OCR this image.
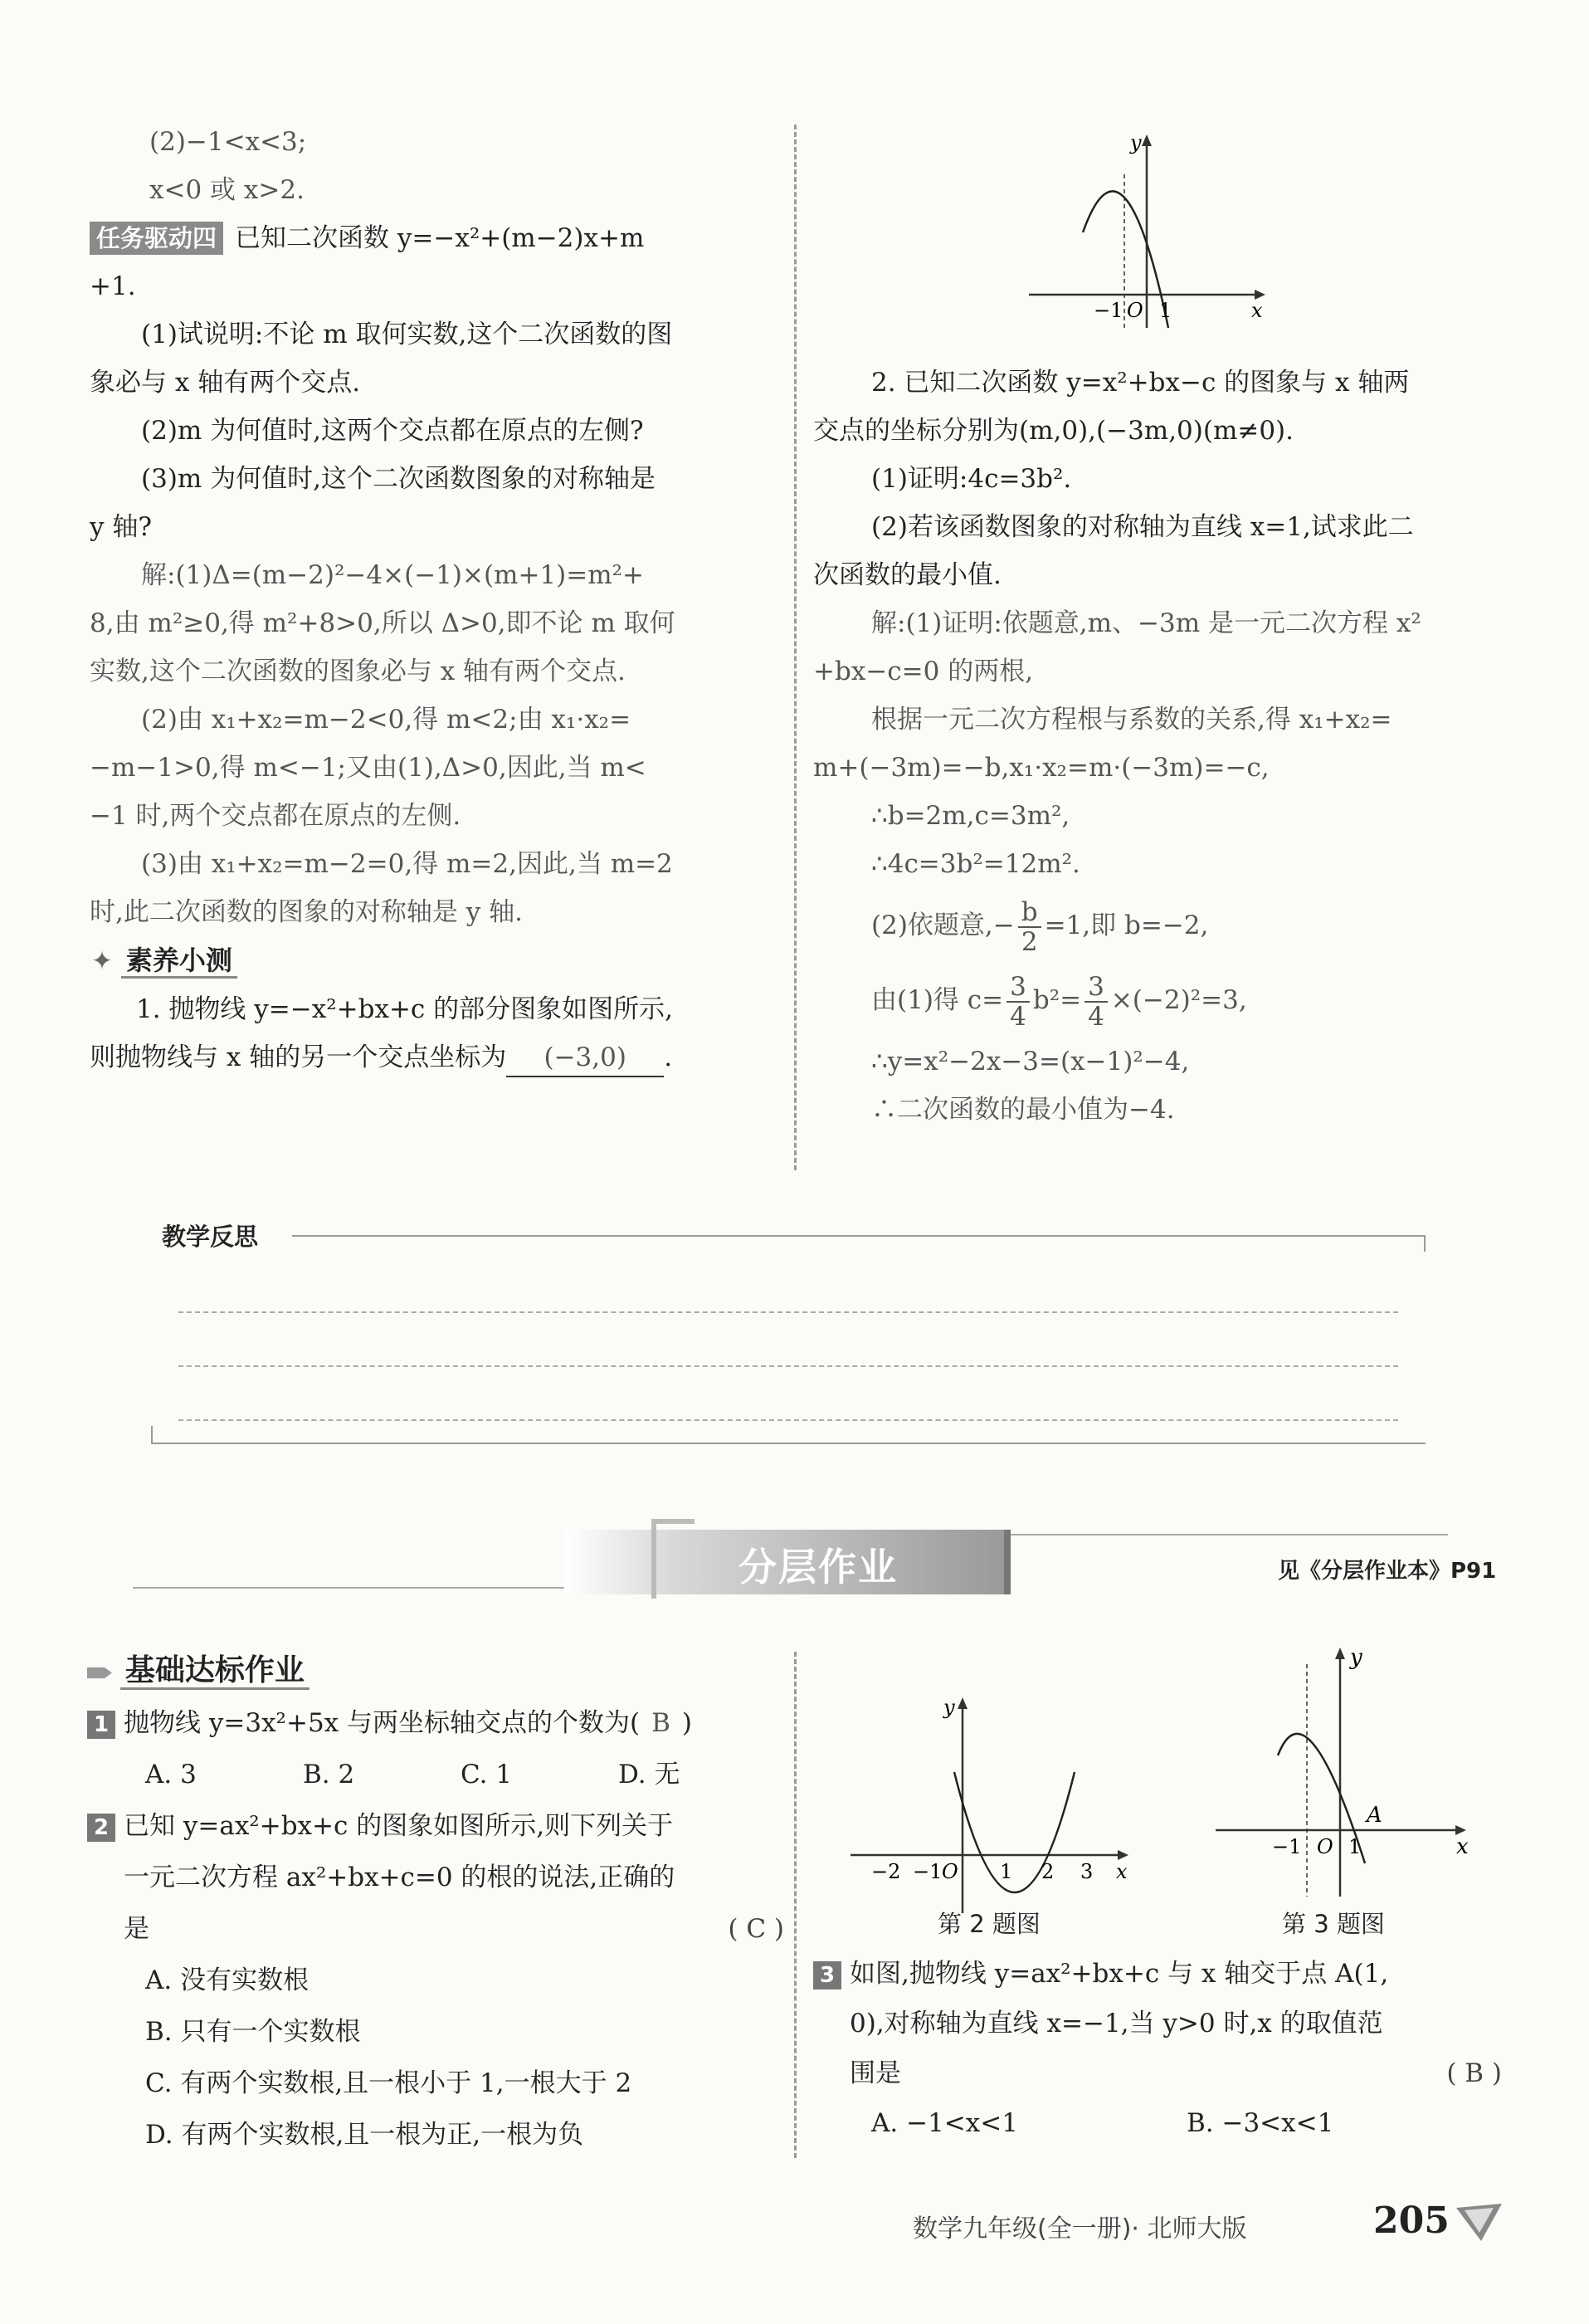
(2)−1<x<3;

x<0 或 x>2.

任务驱动四 已知二次函数 y=−x²+(m−2)x+m

+1.

(1)试说明:不论 m 取何实数,这个二次函数的图

象必与 x 轴有两个交点.

(2)m 为何值时,这两个交点都在原点的左侧?

(3)m 为何值时,这个二次函数图象的对称轴是

y 轴?

解:(1)Δ=(m−2)²−4×(−1)×(m+1)=m²+

8,由 m²≥0,得 m²+8>0,所以 Δ>0,即不论 m 取何

实数,这个二次函数的图象必与 x 轴有两个交点.

(2)由 x₁+x₂=m−2<0,得 m<2;由 x₁·x₂=

−m−1>0,得 m<−1;又由(1),Δ>0,因此,当 m<

−1 时,两个交点都在原点的左侧.

(3)由 x₁+x₂=m−2=0,得 m=2,因此,当 m=2

时,此二次函数的图象的对称轴是 y 轴.

✦ 素养小测

1. 抛物线 y=−x²+bx+c 的部分图象如图所示,

则抛物线与 x 轴的另一个交点坐标为 (−3,0) .

y
x
−1 O 1

2. 已知二次函数 y=x²+bx−c 的图象与 x 轴两

交点的坐标分别为(m,0),(−3m,0)(m≠0).

(1)证明:4c=3b².

(2)若该函数图象的对称轴为直线 x=1,试求此二

次函数的最小值.

解:(1)证明:依题意,m、−3m 是一元二次方程 x²

+bx−c=0 的两根,

根据一元二次方程根与系数的关系,得 x₁+x₂=

m+(−3m)=−b,x₁·x₂=m·(−3m)=−c,

∴b=2m,c=3m²,

∴4c=3b²=12m².

(2)依题意,− $\frac{b}{2} =1$,即 b=−2,

由(1)得 $c= \frac{3}{4} b^2= \frac{3}{4} \times(-2)^2=3$,

∴y=x²−2x−3=(x−1)²−4,

∴二次函数的最小值为−4.

教学反思
分层作业	见《分层作业本》P91

基础达标作业

1 抛物线 y=3x²+5x 与两坐标轴交点的个数为( B )

A. 3	B. 2	C. 1	D. 无

2 已知 y=ax²+bx+c 的图象如图所示,则下列关于

一元二次方程 ax²+bx+c=0 的根的说法,正确的

是	( C )

A. 没有实数根

B. 只有一个实数根

C. 有两个实数根,且一根小于 1,一根大于 2

D. 有两个实数根,且一根为正,一根为负

y
x
−2 −1 O 1 2 3
第 2 题图
y
x
−1 O 1
A
第 3 题图

3 如图,抛物线 y=ax²+bx+c 与 x 轴交于点 A(1,

0),对称轴为直线 x=−1,当 y>0 时,x 的取值范

围是	( B )

A. −1<x<1	B. −3<x<1

数学九年级(全一册)· 北师大版	205
